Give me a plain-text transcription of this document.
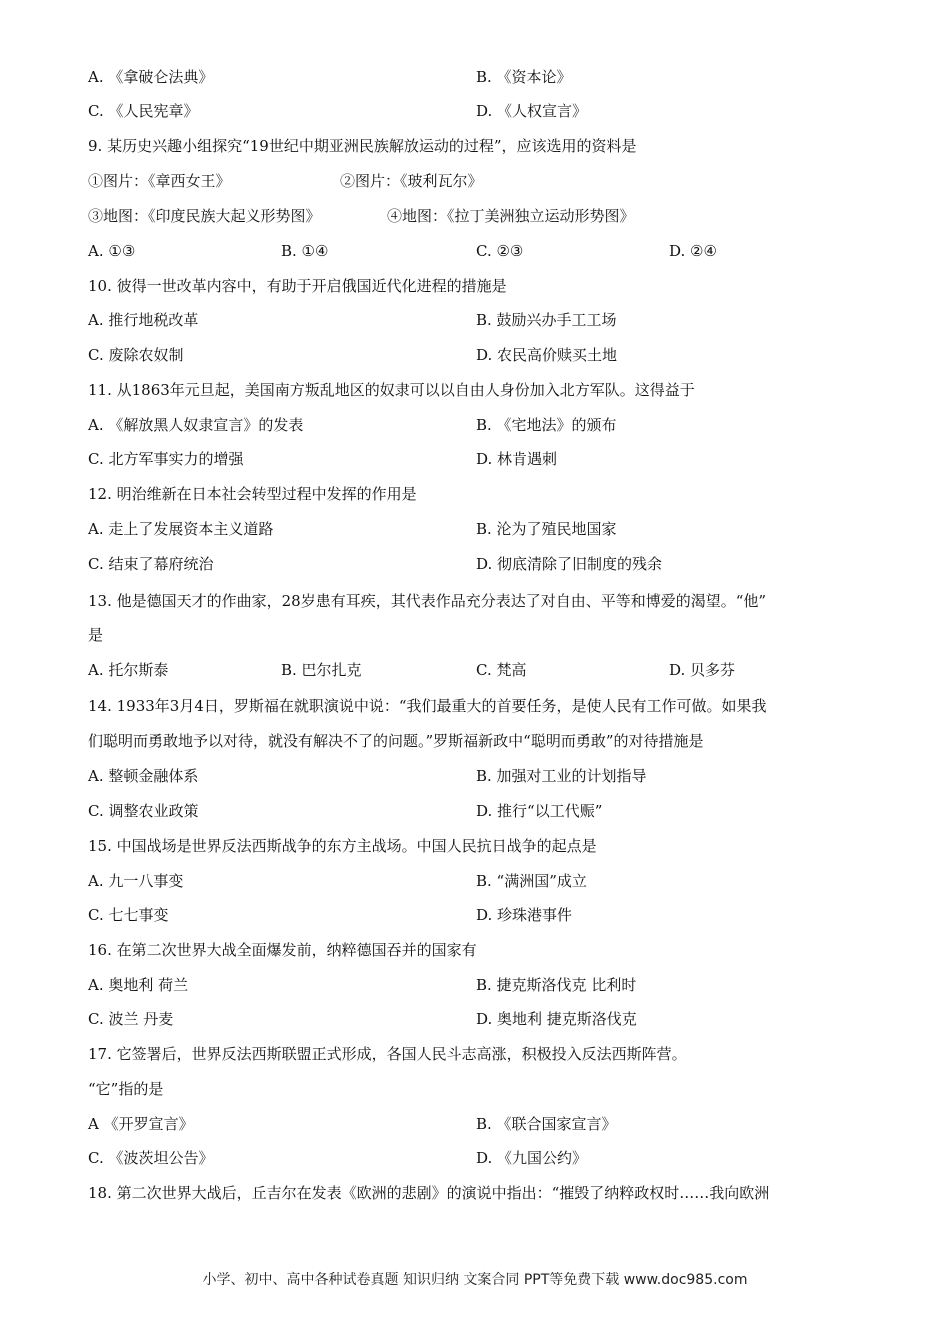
A. 《拿破仑法典》	B. 《资本论》
C. 《人民宪章》	D. 《人权宣言》
9. 某历史兴趣小组探究“19世纪中期亚洲民族解放运动的过程”，应该选用的资料是
①图片：《章西女王》	②图片：《玻利瓦尔》
③地图：《印度民族大起义形势图》	④地图：《拉丁美洲独立运动形势图》
A. ①③	B. ①④	C. ②③	D. ②④
10. 彼得一世改革内容中，有助于开启俄国近代化进程的措施是
A. 推行地税改革	B. 鼓励兴办手工工场
C. 废除农奴制	D. 农民高价赎买土地
11. 从1863年元旦起，美国南方叛乱地区的奴隶可以以自由人身份加入北方军队。这得益于
A. 《解放黑人奴隶宣言》的发表	B. 《宅地法》的颁布
C. 北方军事实力的增强	D. 林肯遇刺
12. 明治维新在日本社会转型过程中发挥的作用是
A. 走上了发展资本主义道路	B. 沦为了殖民地国家
C. 结束了幕府统治	D. 彻底清除了旧制度的残余
13. 他是德国天才的作曲家，28岁患有耳疾，其代表作品充分表达了对自由、平等和博爱的渴望。“他”
是
A. 托尔斯泰	B. 巴尔扎克	C. 梵高	D. 贝多芬
14. 1933年3月4日，罗斯福在就职演说中说：“我们最重大的首要任务，是使人民有工作可做。如果我
们聪明而勇敢地予以对待，就没有解决不了的问题。”罗斯福新政中“聪明而勇敢”的对待措施是
A. 整顿金融体系	B. 加强对工业的计划指导
C. 调整农业政策	D. 推行“以工代赈”
15. 中国战场是世界反法西斯战争的东方主战场。中国人民抗日战争的起点是
A. 九一八事变	B. “满洲国”成立
C. 七七事变	D. 珍珠港事件
16. 在第二次世界大战全面爆发前，纳粹德国吞并的国家有
A. 奥地利 荷兰	B. 捷克斯洛伐克 比利时
C. 波兰 丹麦	D. 奥地利 捷克斯洛伐克
17. 它签署后，世界反法西斯联盟正式形成，各国人民斗志高涨，积极投入反法西斯阵营。
“它”指的是
A 《开罗宣言》	B. 《联合国家宣言》
C. 《波茨坦公告》	D. 《九国公约》
18. 第二次世界大战后，丘吉尔在发表《欧洲的悲剧》的演说中指出：“摧毁了纳粹政权时……我向欧洲
小学、初中、高中各种试卷真题 知识归纳 文案合同 PPT等免费下载 www.doc985.com
